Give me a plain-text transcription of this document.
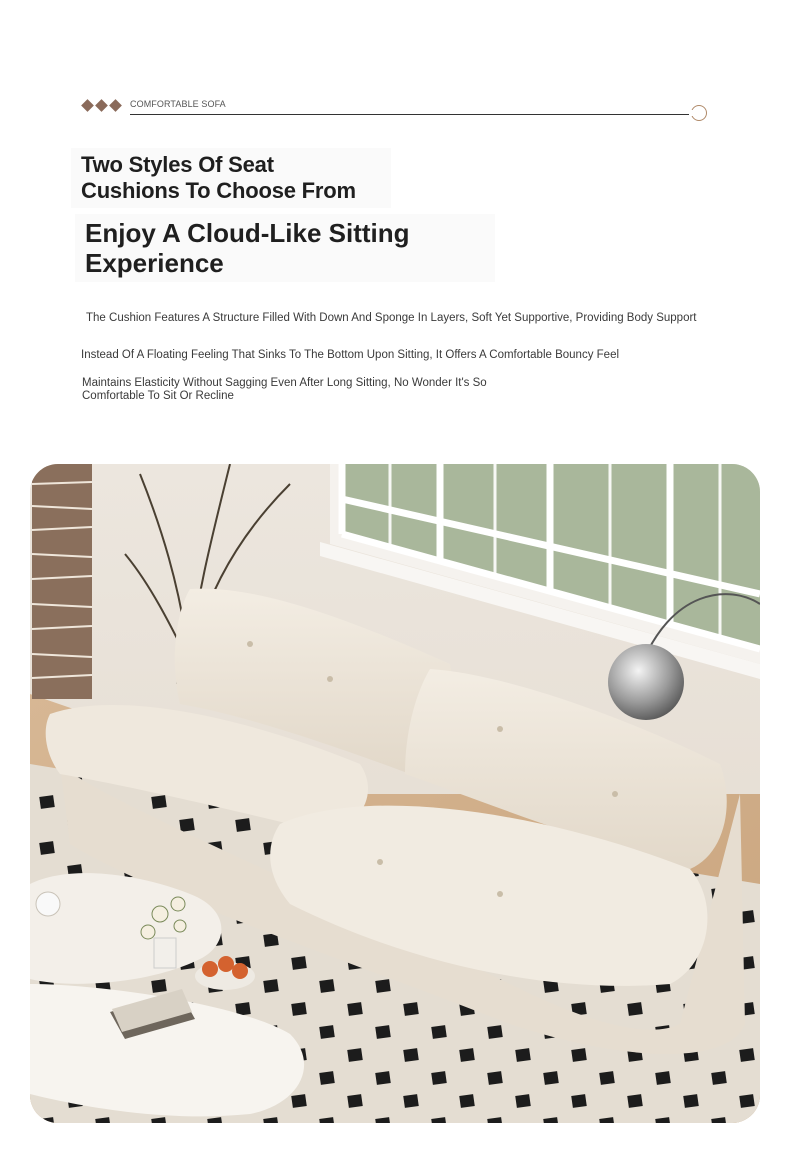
COMFORTABLE SOFA
Two Styles Of Seat
Cushions To Choose From
Enjoy A Cloud-Like Sitting
Experience
The Cushion Features A Structure Filled With Down And Sponge In Layers, Soft Yet Supportive, Providing Body Support
Instead Of A Floating Feeling That Sinks To The Bottom Upon Sitting, It Offers A Comfortable Bouncy Feel
Maintains Elasticity Without Sagging Even After Long Sitting, No Wonder It's So
Comfortable To Sit Or Recline
